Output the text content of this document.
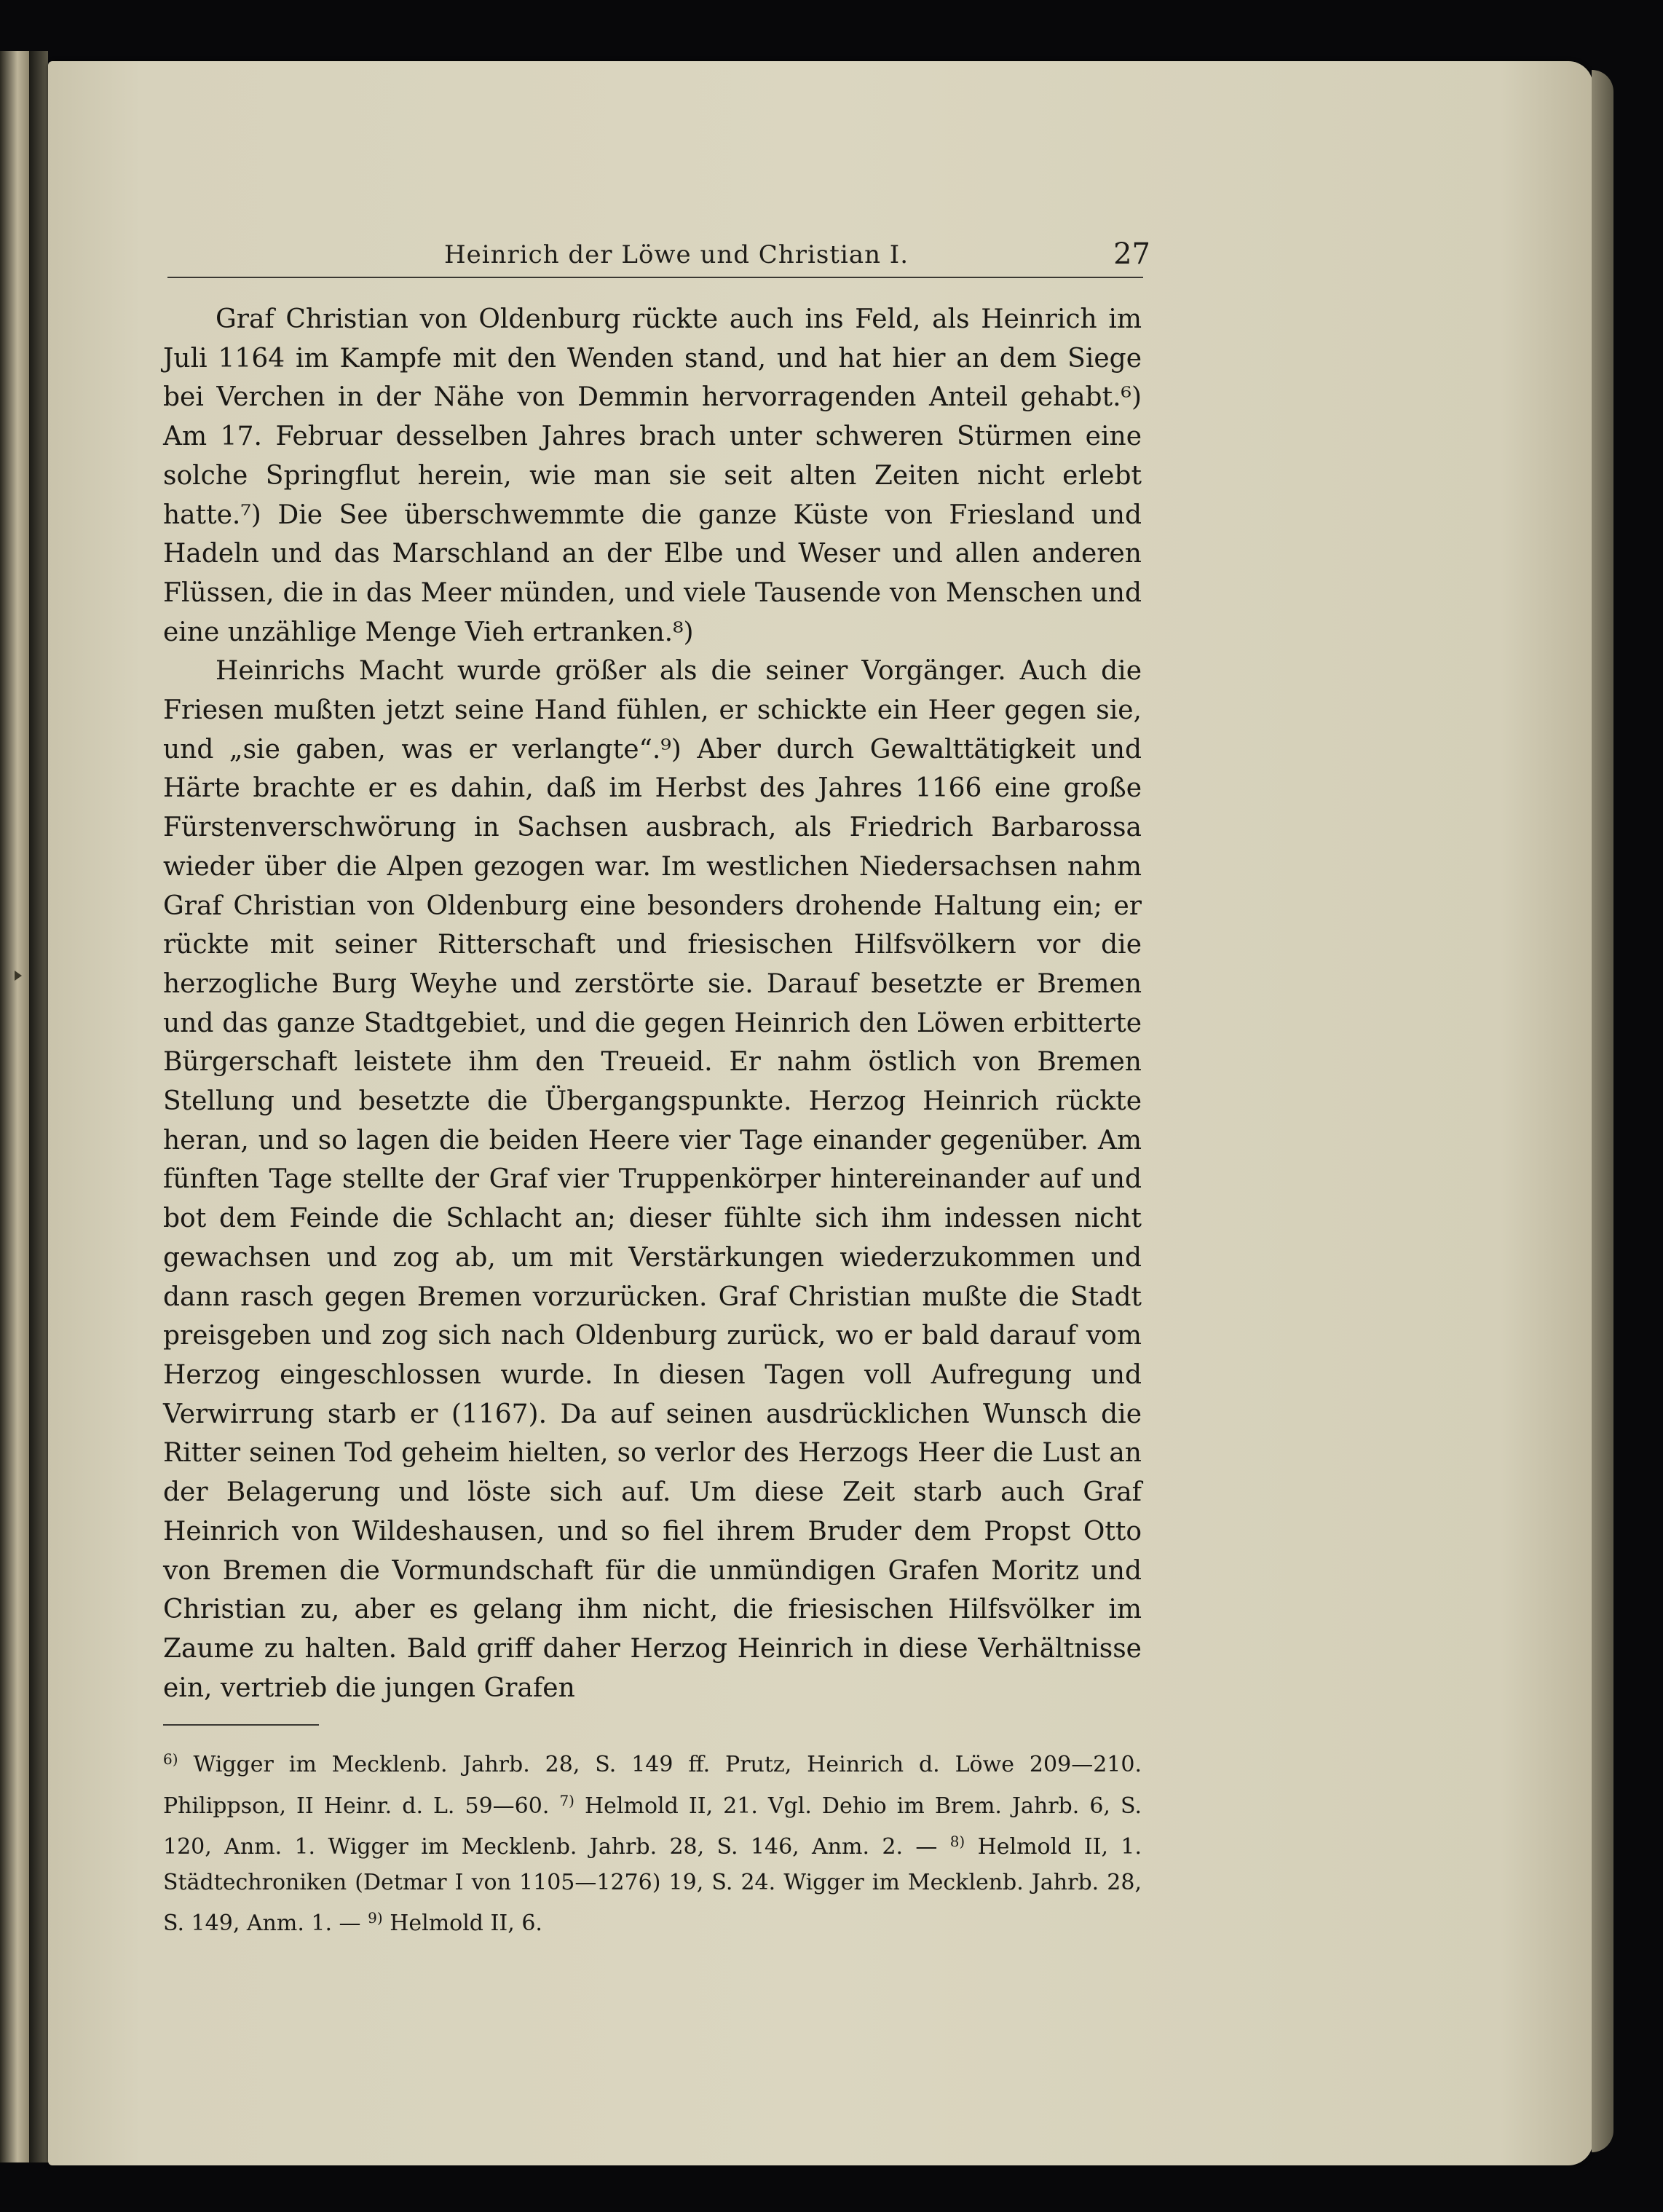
Heinrich der Löwe und Christian I.	27

Graf Christian von Oldenburg rückte auch ins Feld, als Heinrich im Juli 1164 im Kampfe mit den Wenden stand, und hat hier an dem Siege bei Verchen in der Nähe von Demmin hervorragenden Anteil gehabt.⁶) Am 17. Februar desselben Jahres brach unter schweren Stürmen eine solche Springflut herein, wie man sie seit alten Zeiten nicht erlebt hatte.⁷) Die See überschwemmte die ganze Küste von Friesland und Hadeln und das Marschland an der Elbe und Weser und allen anderen Flüssen, die in das Meer münden, und viele Tausende von Menschen und eine unzählige Menge Vieh ertranken.⁸)

Heinrichs Macht wurde größer als die seiner Vorgänger. Auch die Friesen mußten jetzt seine Hand fühlen, er schickte ein Heer gegen sie, und „sie gaben, was er verlangte“.⁹) Aber durch Gewalttätigkeit und Härte brachte er es dahin, daß im Herbst des Jahres 1166 eine große Fürstenverschwörung in Sachsen ausbrach, als Friedrich Barbarossa wieder über die Alpen gezogen war. Im westlichen Niedersachsen nahm Graf Christian von Oldenburg eine besonders drohende Haltung ein; er rückte mit seiner Ritterschaft und friesischen Hilfsvölkern vor die herzogliche Burg Weyhe und zerstörte sie. Darauf besetzte er Bremen und das ganze Stadtgebiet, und die gegen Heinrich den Löwen erbitterte Bürgerschaft leistete ihm den Treueid. Er nahm östlich von Bremen Stellung und besetzte die Übergangspunkte. Herzog Heinrich rückte heran, und so lagen die beiden Heere vier Tage einander gegenüber. Am fünften Tage stellte der Graf vier Truppenkörper hintereinander auf und bot dem Feinde die Schlacht an; dieser fühlte sich ihm indessen nicht gewachsen und zog ab, um mit Verstärkungen wiederzukommen und dann rasch gegen Bremen vorzurücken. Graf Christian mußte die Stadt preisgeben und zog sich nach Oldenburg zurück, wo er bald darauf vom Herzog eingeschlossen wurde. In diesen Tagen voll Aufregung und Verwirrung starb er (1167). Da auf seinen ausdrücklichen Wunsch die Ritter seinen Tod geheim hielten, so verlor des Herzogs Heer die Lust an der Belagerung und löste sich auf. Um diese Zeit starb auch Graf Heinrich von Wildeshausen, und so fiel ihrem Bruder dem Propst Otto von Bremen die Vormundschaft für die unmündigen Grafen Moritz und Christian zu, aber es gelang ihm nicht, die friesischen Hilfsvölker im Zaume zu halten. Bald griff daher Herzog Heinrich in diese Verhältnisse ein, vertrieb die jungen Grafen

$^{6)}$ Wigger im Mecklenb. Jahrb. 28, S. 149 ff. Prutz, Heinrich d. Löwe 209—210. Philippson, II Heinr. d. L. 59—60. $^{7)}$ Helmold II, 21. Vgl. Dehio im Brem. Jahrb. 6, S. 120, Anm. 1. Wigger im Mecklenb. Jahrb. 28, S. 146, Anm. 2. — $^{8)}$ Helmold II, 1. Städtechroniken (Detmar I von 1105—1276) 19, S. 24. Wigger im Mecklenb. Jahrb. 28, S. 149, Anm. 1. — $^{9)}$ Helmold II, 6.
